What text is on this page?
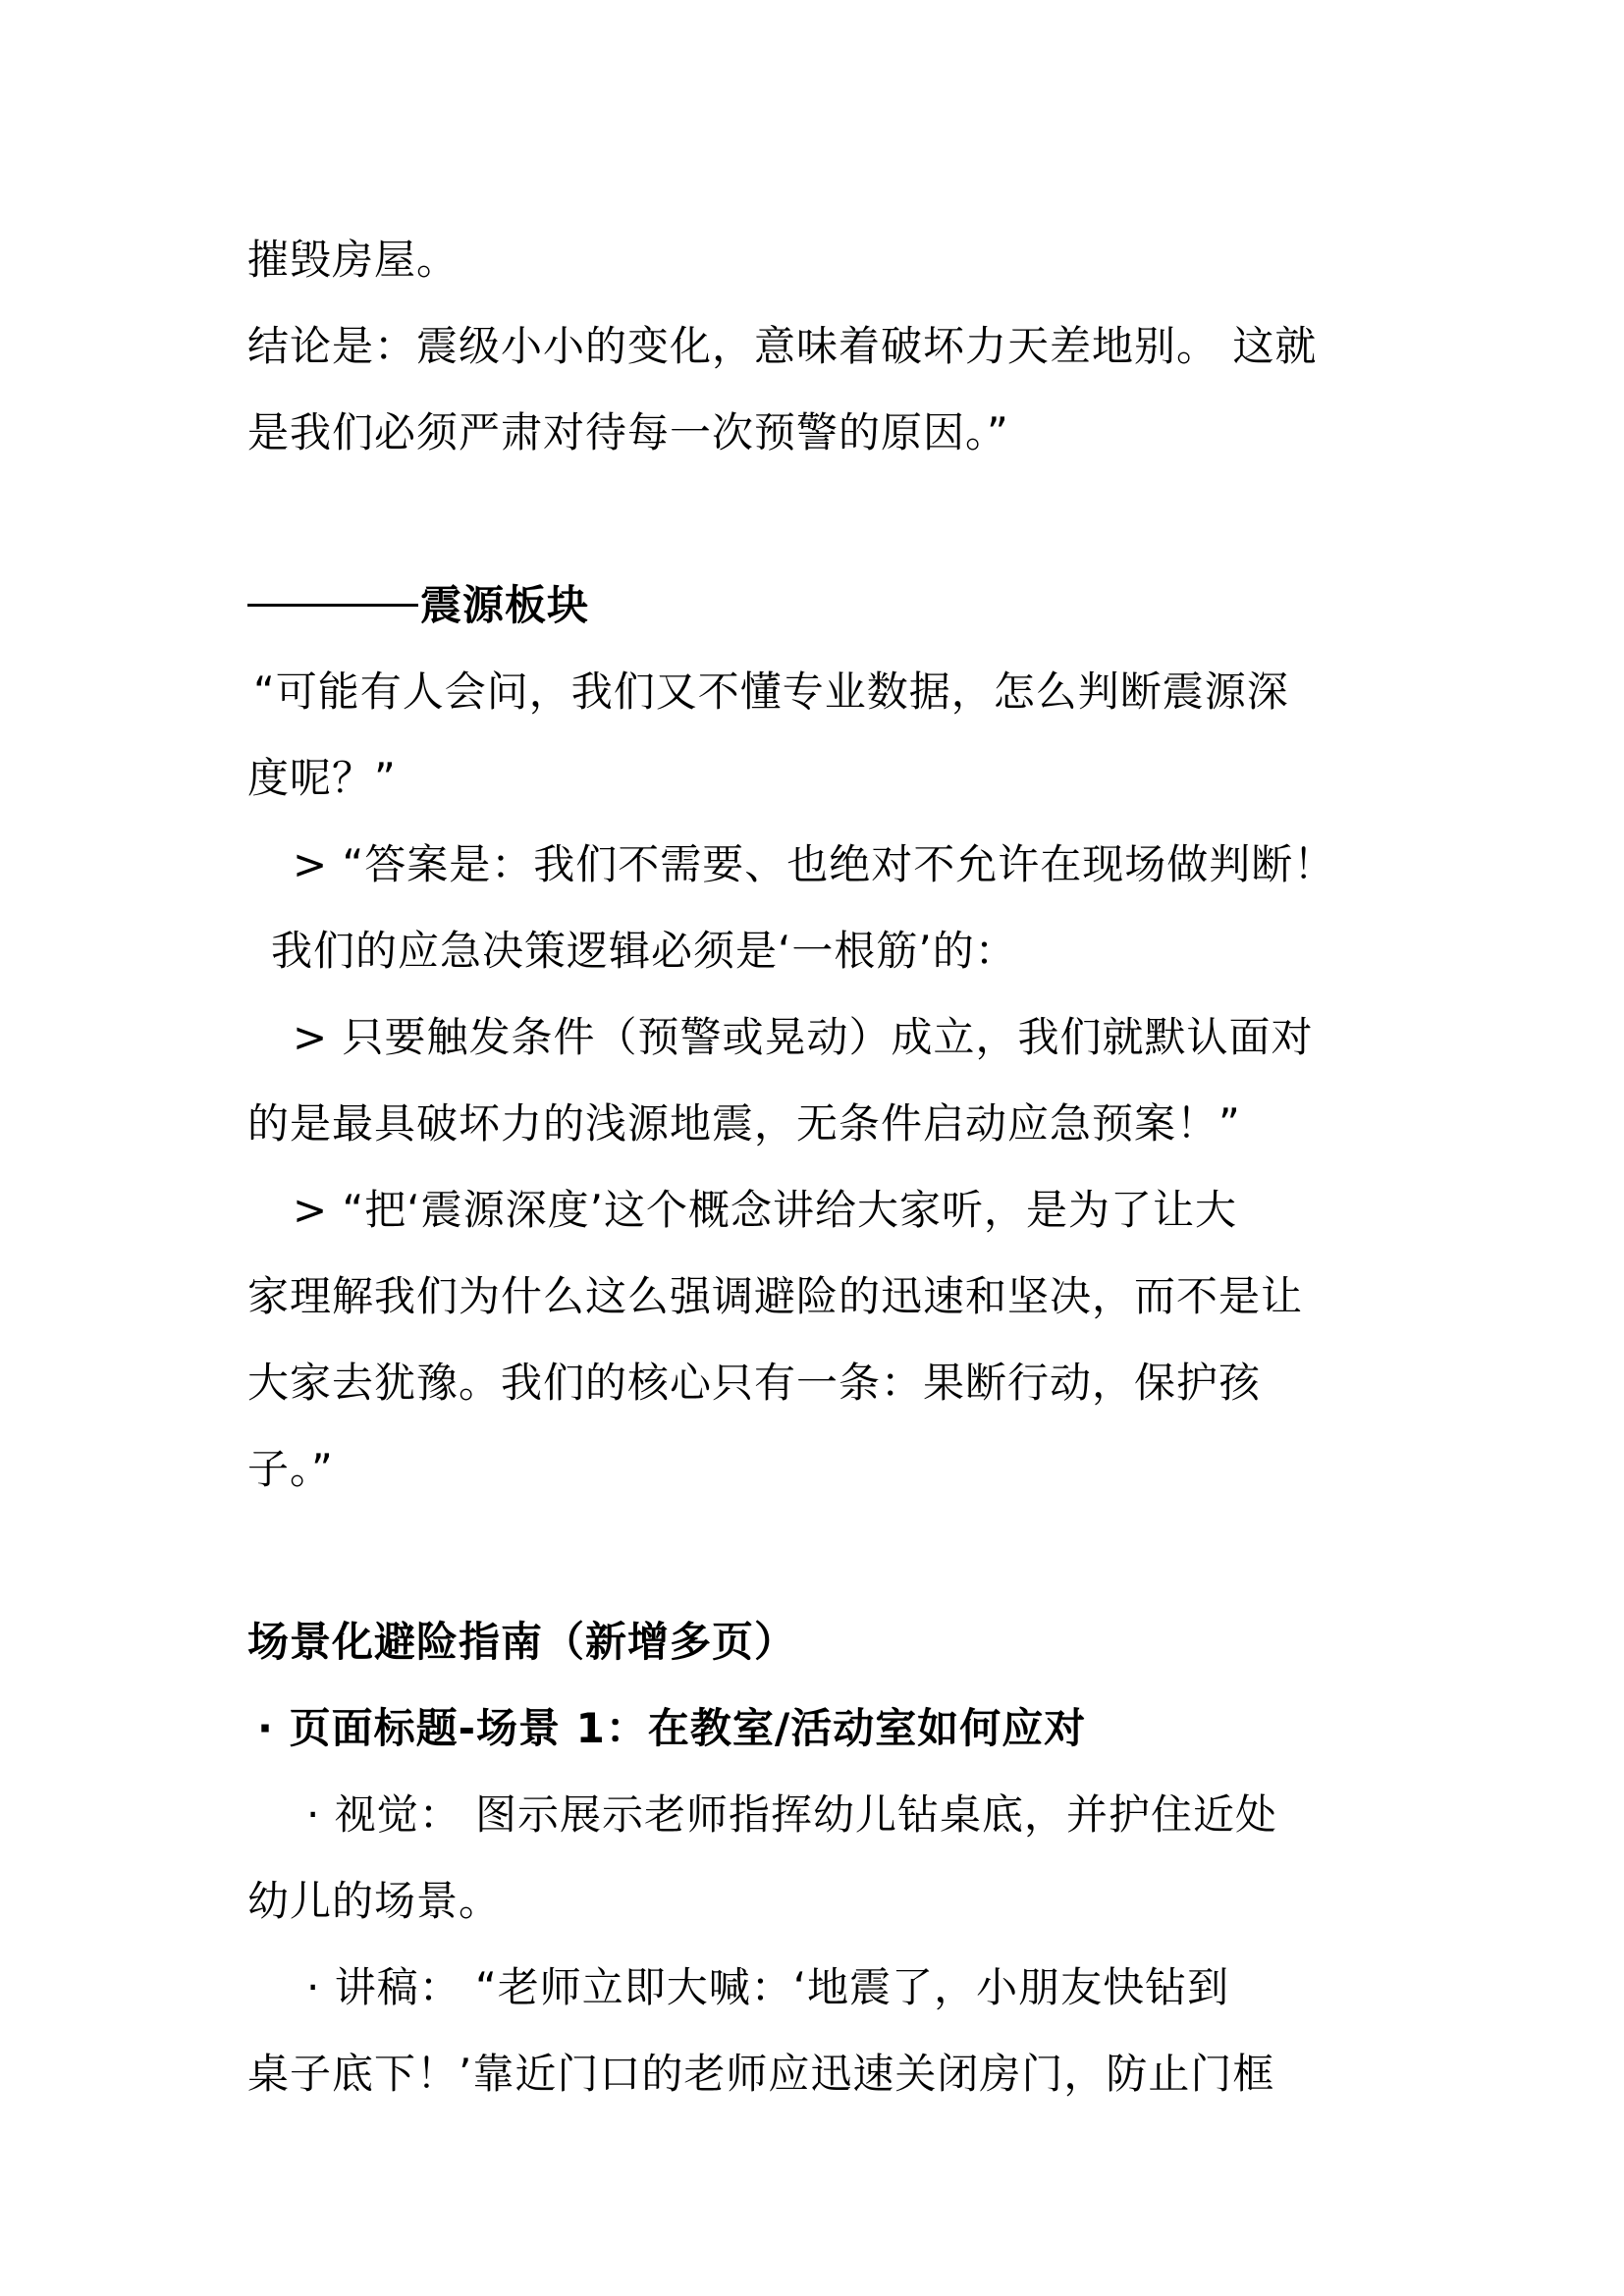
摧毁房屋。
结论是：震级小小的变化，意味着破坏力天差地别。 这就
是我们必须严肃对待每一次预警的原因。”
震源板块
“可能有人会问，我们又不懂专业数据，怎么判断震源深
度呢？”
> “答案是：我们不需要、也绝对不允许在现场做判断！
我们的应急决策逻辑必须是‘一根筋’的：
> 只要触发条件（预警或晃动）成立，我们就默认面对
的是最具破坏力的浅源地震，无条件启动应急预案！”
> “把‘震源深度’这个概念讲给大家听，是为了让大
家理解我们为什么这么强调避险的迅速和坚决，而不是让
大家去犹豫。我们的核心只有一条：果断行动，保护孩
子。”
场景化避险指南（新增多页）
· 页面标题-场景 1：在教室/活动室如何应对
· 视觉： 图示展示老师指挥幼儿钻桌底，并护住近处
幼儿的场景。
· 讲稿： “老师立即大喊：‘地震了，小朋友快钻到
桌子底下！’靠近门口的老师应迅速关闭房门，防止门框
